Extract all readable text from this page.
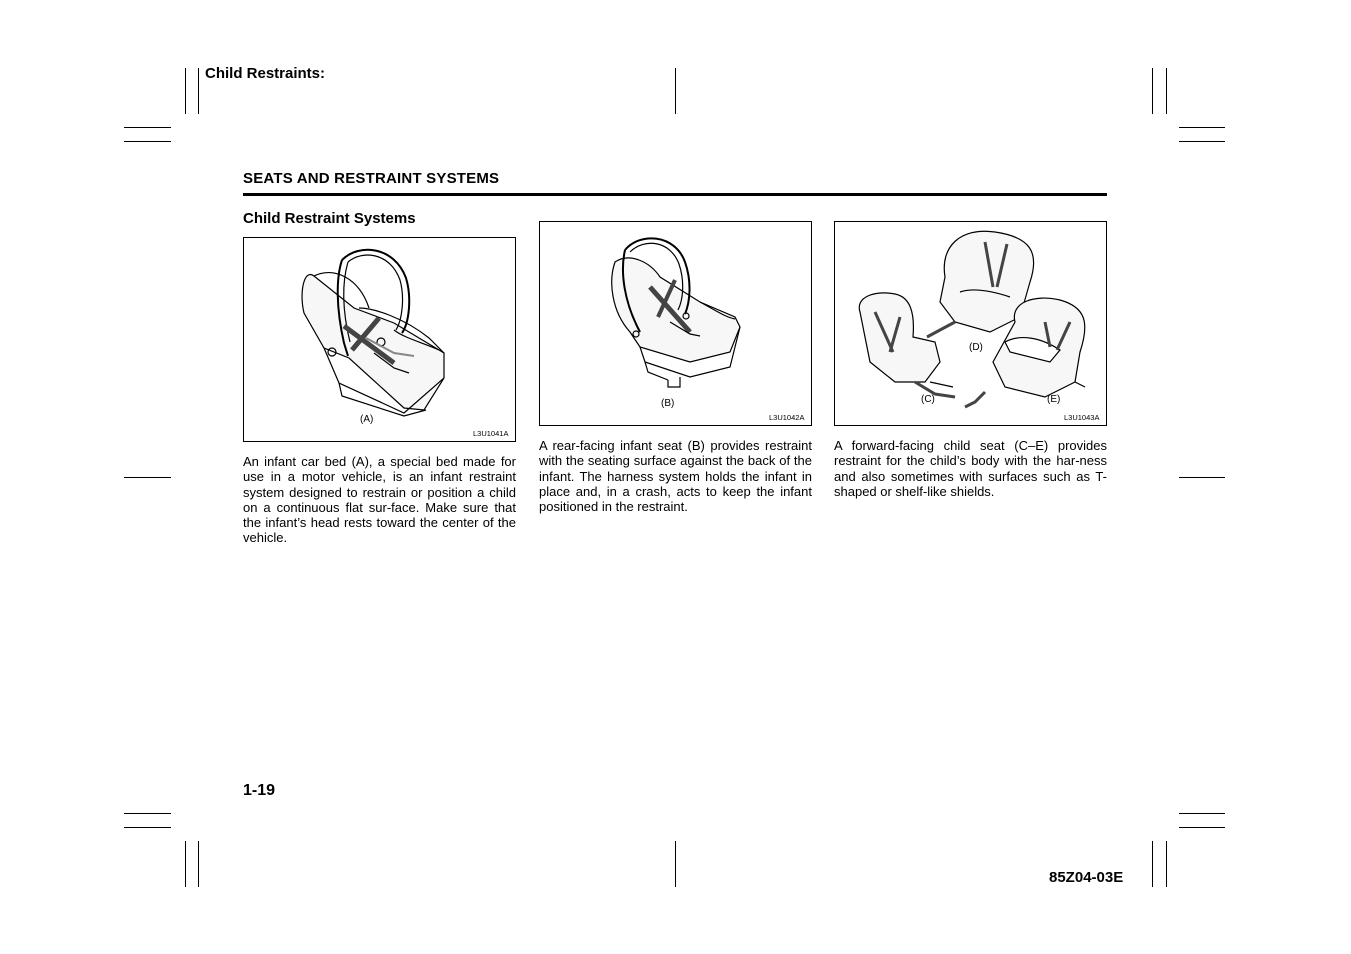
Child Restraints:
SEATS AND RESTRAINT SYSTEMS
Child Restraint Systems
(A)
L3U1041A
(B)
L3U1042A
(D)
(C)	(E)
L3U1043A
An infant car bed (A), a special bed made for use in a motor vehicle, is an infant restraint system designed to restrain or position a child on a continuous flat sur-face. Make sure that the infant’s head rests toward the center of the vehicle.
A rear-facing infant seat (B) provides restraint with the seating surface against the back of the infant. The harness system holds the infant in place and, in a crash, acts to keep the infant positioned in the restraint.
A forward-facing child seat (C–E) provides restraint for the child’s body with the har-ness and also sometimes with surfaces such as T-shaped or shelf-like shields.
1-19
85Z04-03E
